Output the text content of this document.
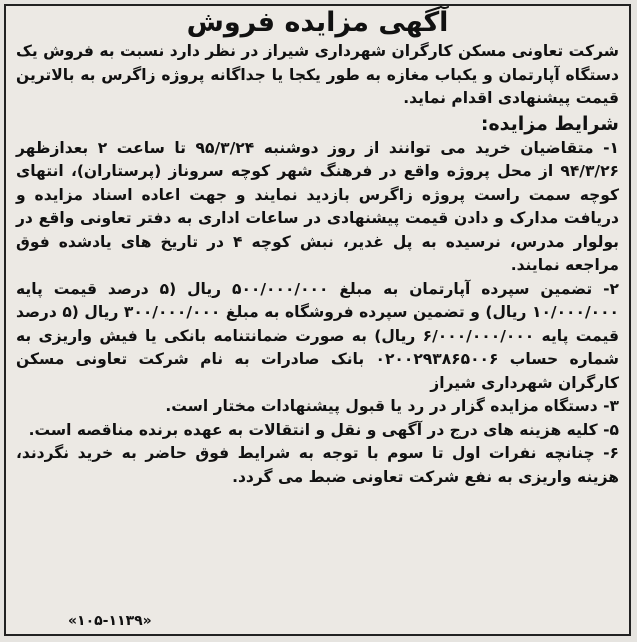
آگهی مزایده فروش

شرکت تعاونی مسکن کارگران شهرداری شیراز در نظر دارد نسبت به فروش یک دستگاه آپارتمان و یکباب مغازه به طور یکجا یا جداگانه پروژه زاگرس به بالاترین قیمت پیشنهادی اقدام نماید.

شرایط مزایده:

۱- متقاضیان خرید می توانند از روز دوشنبه ۹۵/۳/۲۴ تا ساعت ۲ بعدازظهر ۹۴/۳/۲۶ از محل پروژه واقع در فرهنگ شهر کوچه سروناز (پرستاران)، انتهای کوچه سمت راست پروژه زاگرس بازدید نمایند و جهت اعاده اسناد مزایده و دریافت مدارک و دادن قیمت پیشنهادی در ساعات اداری به دفتر تعاونی واقع در بولوار مدرس، نرسیده به پل غدیر، نبش کوچه ۴ در تاریخ های یادشده فوق مراجعه نمایند.

۲- تضمین سپرده آپارتمان به مبلغ ۵۰۰/۰۰۰/۰۰۰ ریال (۵ درصد قیمت پایه ۱۰/۰۰۰/۰۰۰ ریال) و تضمین سپرده فروشگاه به مبلغ ۳۰۰/۰۰۰/۰۰۰ ریال (۵ درصد قیمت پایه ۶/۰۰۰/۰۰۰/۰۰۰ ریال) به صورت ضمانتنامه بانکی یا فیش واریزی به شماره حساب ۰۲۰۰۲۹۳۸۶۵۰۰۶ بانک صادرات به نام شرکت تعاونی مسکن کارگران شهرداری شیراز

۳- دستگاه مزایده گزار در رد یا قبول پیشنهادات مختار است.

۵- کلیه هزینه های درج در آگهی و نقل و انتقالات به عهده برنده مناقصه است.

۶- چنانچه نفرات اول تا سوم با توجه به شرایط فوق حاضر به خرید نگردند، هزینه واریزی به نفع شرکت تعاونی ضبط می گردد.

«۱۰۵-۱۱۳۹»
